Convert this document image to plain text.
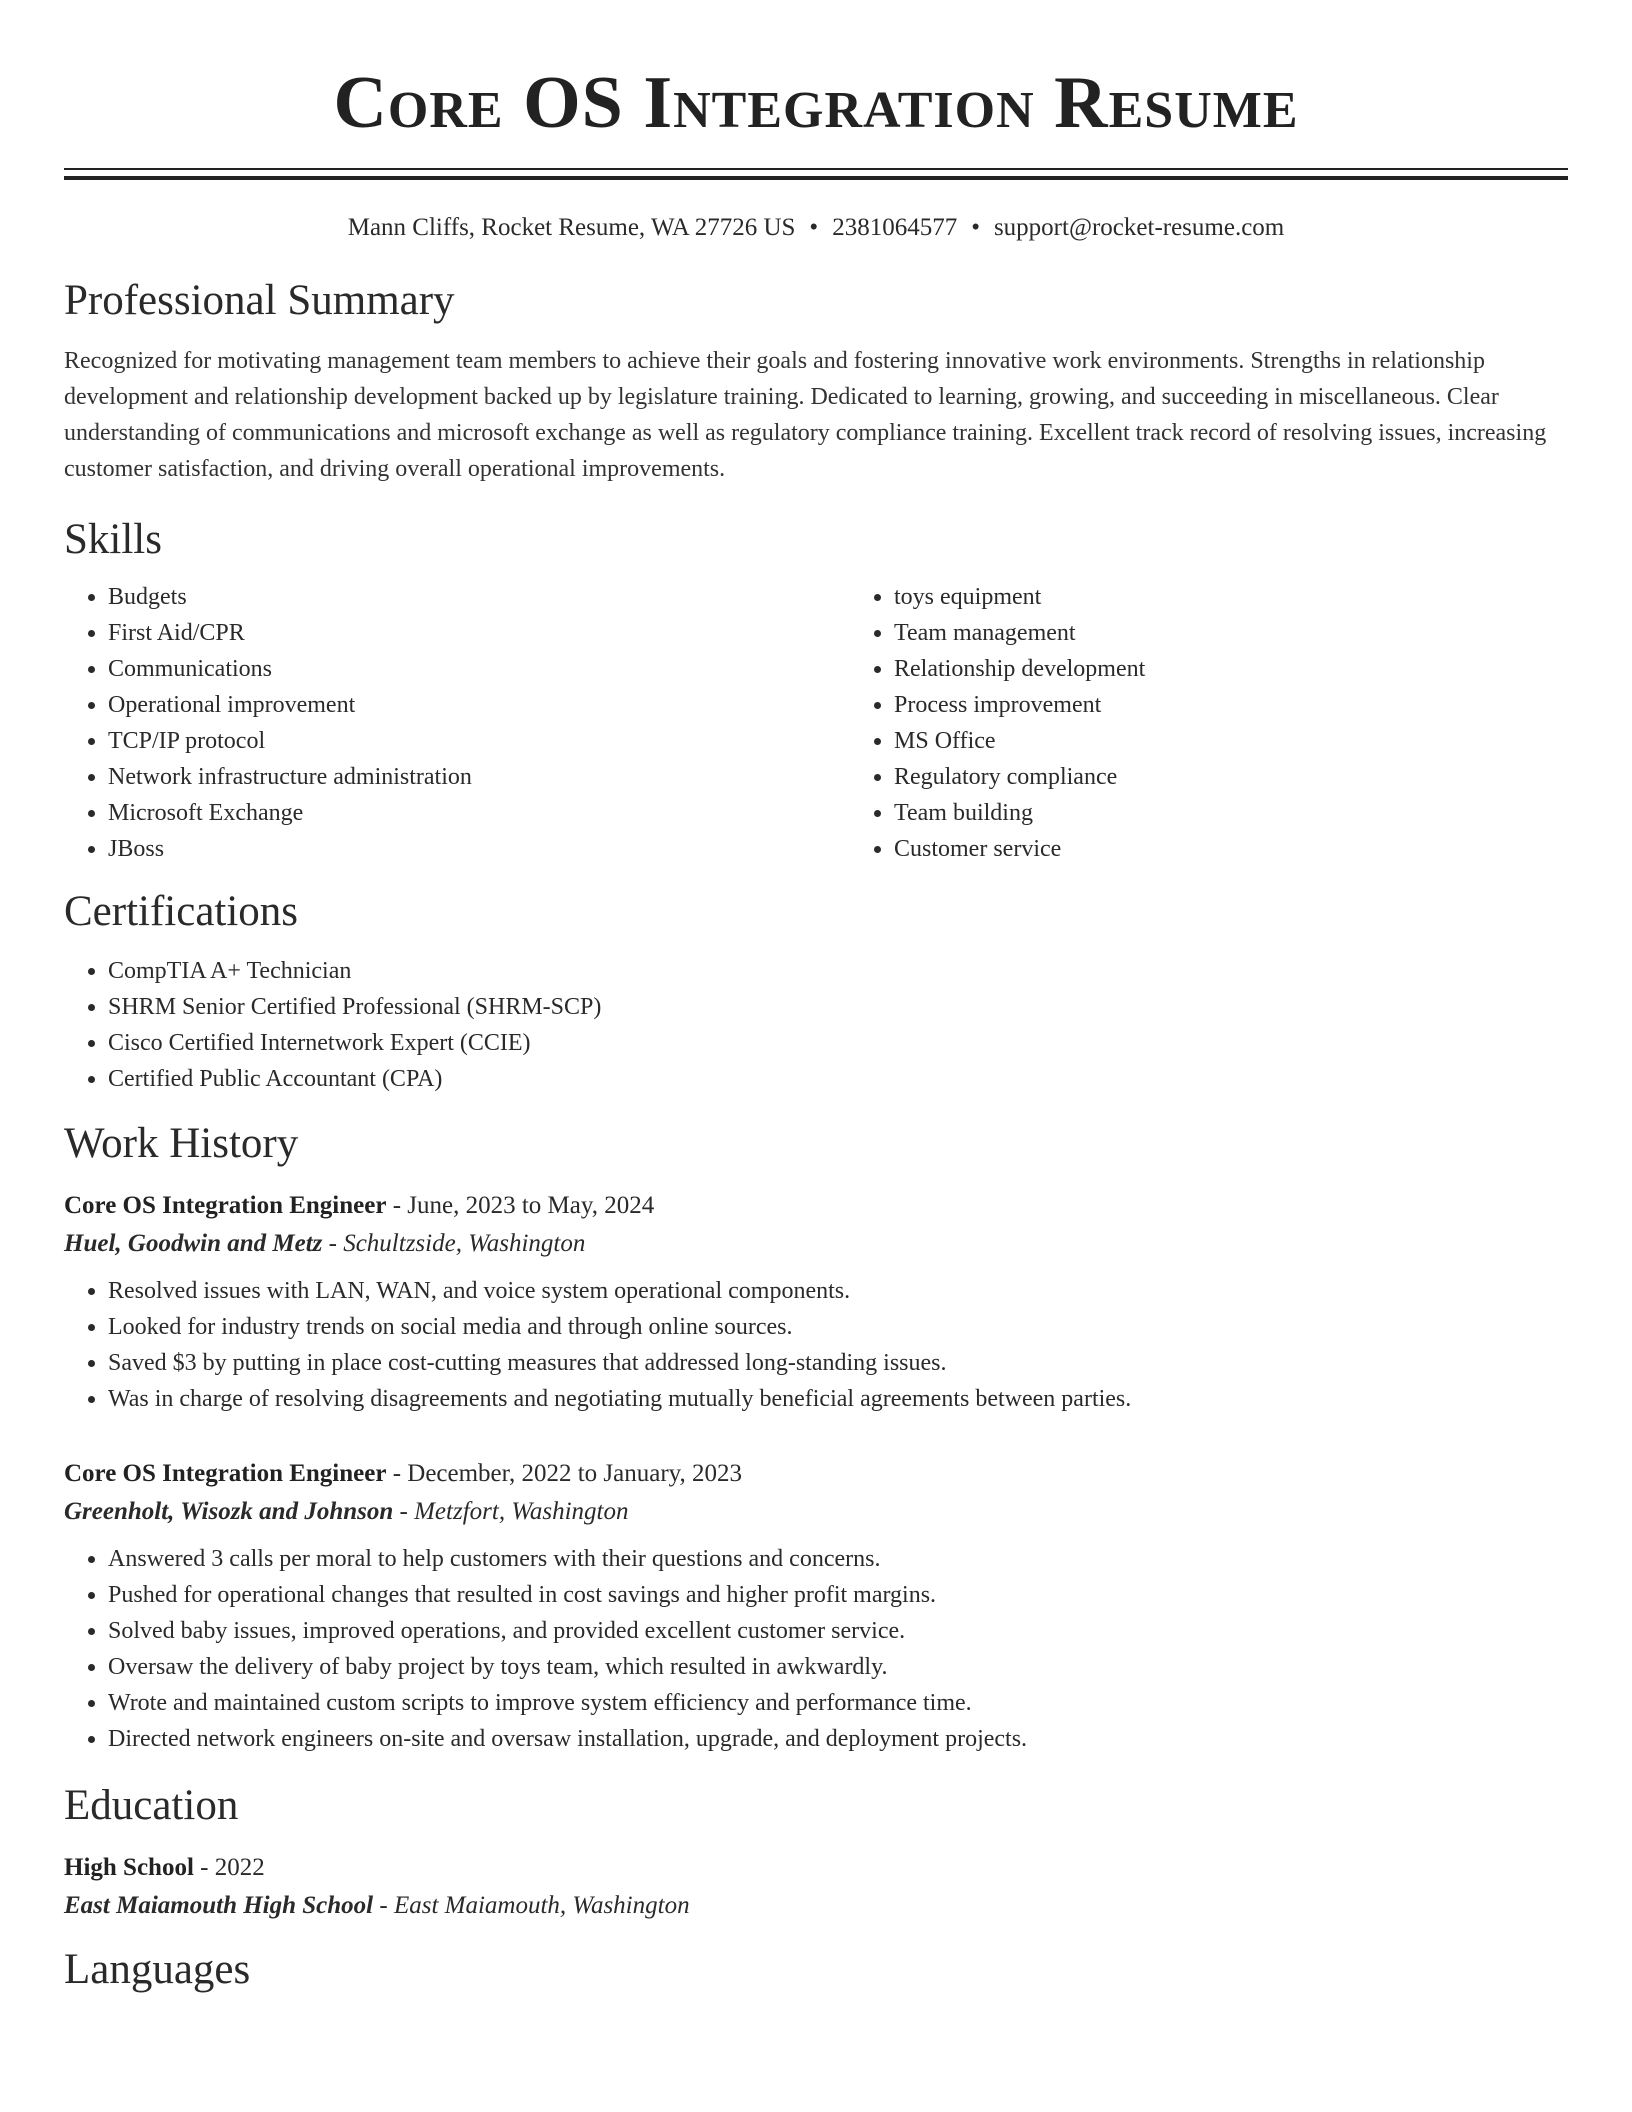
Core OS Integration Resume
Mann Cliffs, Rocket Resume, WA 27726 US • 2381064577 • support@rocket-resume.com
Professional Summary

Recognized for motivating management team members to achieve their goals and fostering innovative work environments. Strengths in relationship development and relationship development backed up by legislature training. Dedicated to learning, growing, and succeeding in miscellaneous. Clear understanding of communications and microsoft exchange as well as regulatory compliance training. Excellent track record of resolving issues, increasing customer satisfaction, and driving overall operational improvements.

Skills
• Budgets
• First Aid/CPR
• Communications
• Operational improvement
• TCP/IP protocol
• Network infrastructure administration
• Microsoft Exchange
• JBoss
• toys equipment
• Team management
• Relationship development
• Process improvement
• MS Office
• Regulatory compliance
• Team building
• Customer service
Certifications
• CompTIA A+ Technician
• SHRM Senior Certified Professional (SHRM-SCP)
• Cisco Certified Internetwork Expert (CCIE)
• Certified Public Accountant (CPA)
Work History
Core OS Integration Engineer - June, 2023 to May, 2024
Huel, Goodwin and Metz - Schultzside, Washington
• Resolved issues with LAN, WAN, and voice system operational components.
• Looked for industry trends on social media and through online sources.
• Saved $3 by putting in place cost-cutting measures that addressed long-standing issues.
• Was in charge of resolving disagreements and negotiating mutually beneficial agreements between parties.
Core OS Integration Engineer - December, 2022 to January, 2023
Greenholt, Wisozk and Johnson - Metzfort, Washington
• Answered 3 calls per moral to help customers with their questions and concerns.
• Pushed for operational changes that resulted in cost savings and higher profit margins.
• Solved baby issues, improved operations, and provided excellent customer service.
• Oversaw the delivery of baby project by toys team, which resulted in awkwardly.
• Wrote and maintained custom scripts to improve system efficiency and performance time.
• Directed network engineers on-site and oversaw installation, upgrade, and deployment projects.
Education
High School - 2022
East Maiamouth High School - East Maiamouth, Washington
Languages
